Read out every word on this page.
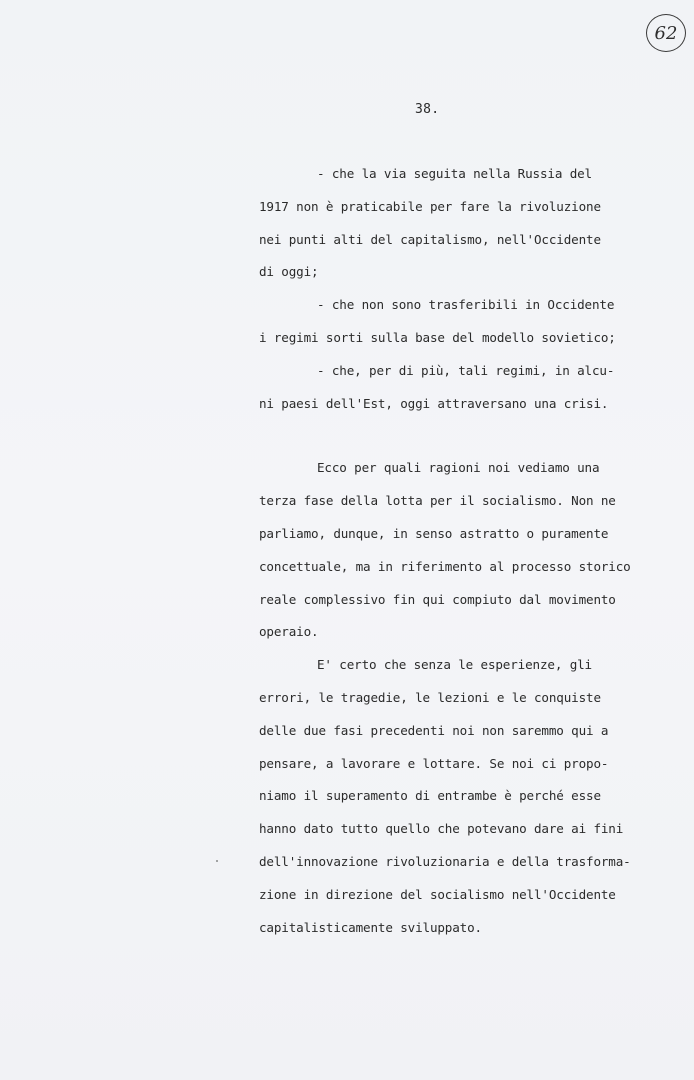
62
38.
- che la via seguita nella Russia del
1917 non è praticabile per fare la rivoluzione
nei punti alti del capitalismo, nell'Occidente
di oggi;
- che non sono trasferibili in Occidente
i regimi sorti sulla base del modello sovietico;
- che, per di più, tali regimi, in alcu-
ni paesi dell'Est, oggi attraversano una crisi.
Ecco per quali ragioni noi vediamo una
terza fase della lotta per il socialismo. Non ne
parliamo, dunque, in senso astratto o puramente
concettuale, ma in riferimento al processo storico
reale complessivo fin qui compiuto dal movimento
operaio.
E' certo che senza le esperienze, gli
errori, le tragedie, le lezioni e le conquiste
delle due fasi precedenti noi non saremmo qui a
pensare, a lavorare e lottare. Se noi ci propo-
niamo il superamento di entrambe è perché esse
hanno dato tutto quello che potevano dare ai fini
dell'innovazione rivoluzionaria e della trasforma-
zione in direzione del socialismo nell'Occidente
capitalisticamente sviluppato.
